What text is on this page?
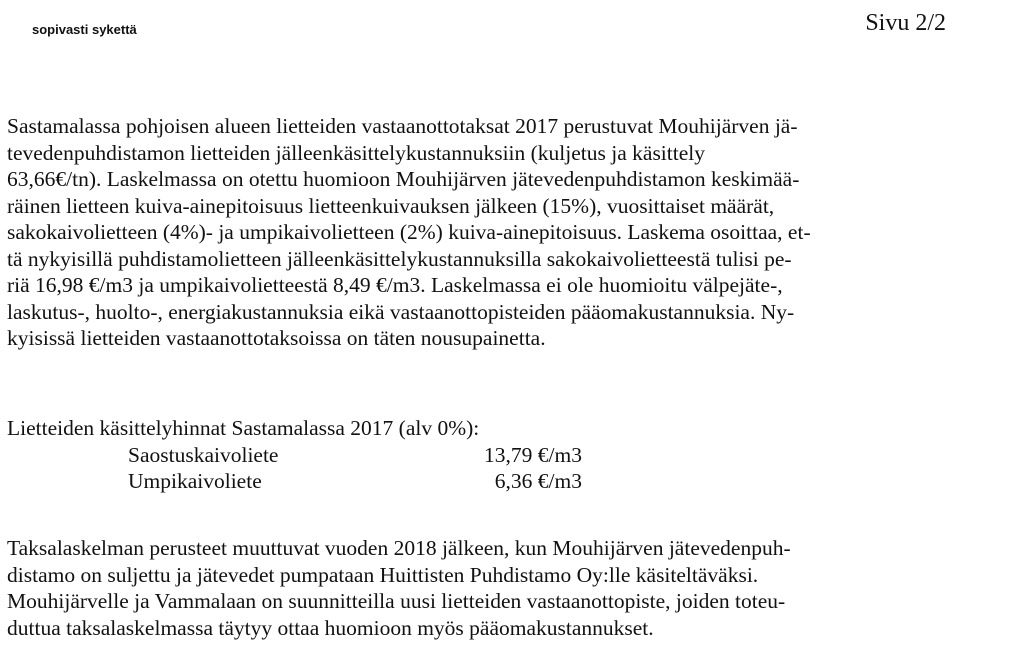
sopivasti sykettä	Sivu 2/2
Sastamalassa pohjoisen alueen lietteiden vastaanottotaksat 2017 perustuvat Mouhijärven jä-
tevedenpuhdistamon lietteiden jälleenkäsittelykustannuksiin (kuljetus ja käsittely
63,66€/tn). Laskelmassa on otettu huomioon Mouhijärven jätevedenpuhdistamon keskimää-
räinen lietteen kuiva-ainepitoisuus lietteenkuivauksen jälkeen (15%), vuosittaiset määrät,
sakokaivolietteen (4%)- ja umpikaivolietteen (2%) kuiva-ainepitoisuus. Laskema osoittaa, et-
tä nykyisillä puhdistamolietteen jälleenkäsittelykustannuksilla sakokaivolietteestä tulisi pe-
riä 16,98 €/m3 ja umpikaivolietteestä 8,49 €/m3. Laskelmassa ei ole huomioitu välpejäte-,
laskutus-, huolto-, energiakustannuksia eikä vastaanottopisteiden pääomakustannuksia. Ny-
kyisissä lietteiden vastaanottotaksoissa on täten nousupainetta.
Lietteiden käsittelyhinnat Sastamalassa 2017 (alv 0%):
Saostuskaivoliete	13,79 €/m3
Umpikaivoliete	6,36 €/m3
Taksalaskelman perusteet muuttuvat vuoden 2018 jälkeen, kun Mouhijärven jätevedenpuh-
distamo on suljettu ja jätevedet pumpataan Huittisten Puhdistamo Oy:lle käsiteltäväksi.
Mouhijärvelle ja Vammalaan on suunnitteilla uusi lietteiden vastaanottopiste, joiden toteu-
duttua taksalaskelmassa täytyy ottaa huomioon myös pääomakustannukset.
